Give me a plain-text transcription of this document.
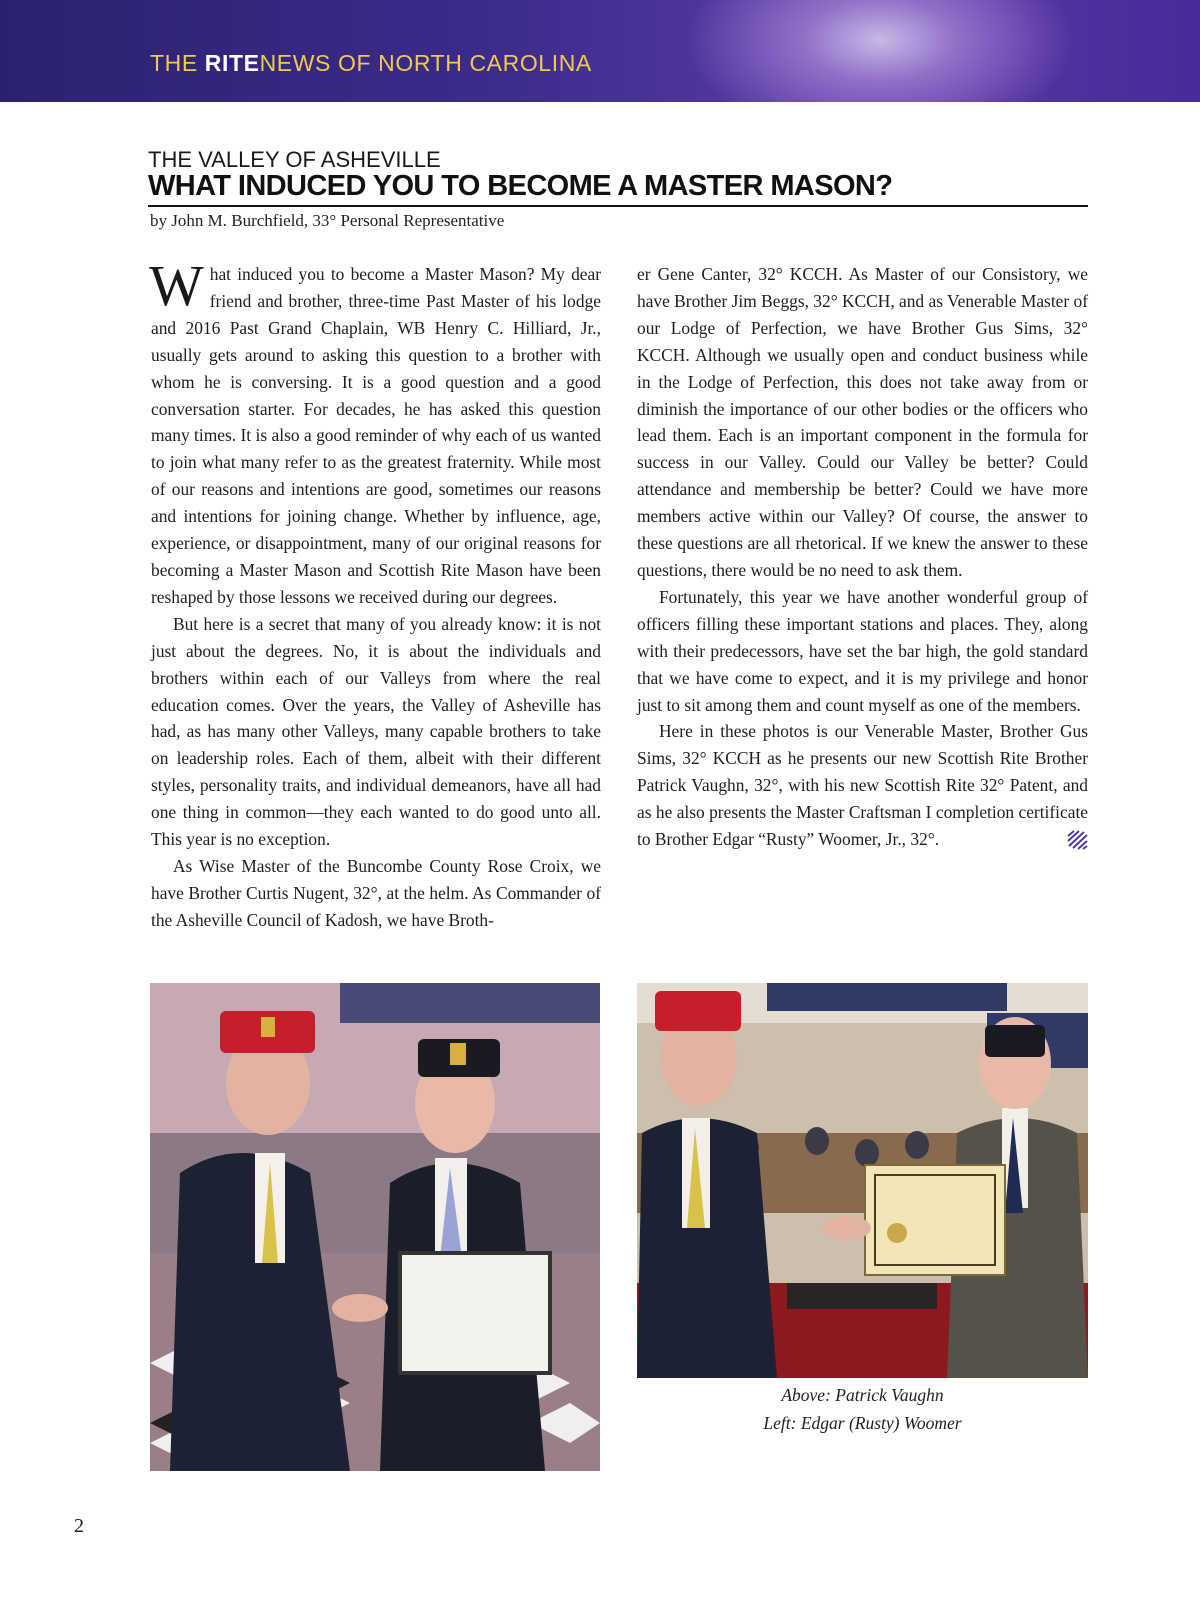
THE RITENEWS OF NORTH CAROLINA
THE VALLEY OF ASHEVILLE
WHAT INDUCED YOU TO BECOME A MASTER MASON?
by John M. Burchfield, 33° Personal Representative

What induced you to become a Master Mason? My dear friend and brother, three-time Past Master of his lodge and 2016 Past Grand Chaplain, WB Henry C. Hilliard, Jr., usually gets around to asking this question to a brother with whom he is conversing. It is a good question and a good conversation starter. For decades, he has asked this question many times. It is also a good reminder of why each of us wanted to join what many refer to as the greatest fraternity. While most of our reasons and intentions are good, sometimes our reasons and intentions for joining change. Whether by influence, age, experience, or disappointment, many of our original reasons for becoming a Master Mason and Scottish Rite Mason have been reshaped by those lessons we received during our degrees.

But here is a secret that many of you already know: it is not just about the degrees. No, it is about the individuals and brothers within each of our Valleys from where the real education comes. Over the years, the Valley of Asheville has had, as has many other Valleys, many capable brothers to take on leadership roles. Each of them, albeit with their different styles, personality traits, and individual demeanors, have all had one thing in common—they each wanted to do good unto all. This year is no exception.

As Wise Master of the Buncombe County Rose Croix, we have Brother Curtis Nugent, 32°, at the helm. As Commander of the Asheville Council of Kadosh, we have Broth-

er Gene Canter, 32° KCCH. As Master of our Consistory, we have Brother Jim Beggs, 32° KCCH, and as Venerable Master of our Lodge of Perfection, we have Brother Gus Sims, 32° KCCH. Although we usually open and conduct business while in the Lodge of Perfection, this does not take away from or diminish the importance of our other bodies or the officers who lead them. Each is an important component in the formula for success in our Valley. Could our Valley be better? Could attendance and membership be better? Could we have more members active within our Valley? Of course, the answer to these questions are all rhetorical. If we knew the answer to these questions, there would be no need to ask them.

Fortunately, this year we have another wonderful group of officers filling these important stations and places. They, along with their predecessors, have set the bar high, the gold standard that we have come to expect, and it is my privilege and honor just to sit among them and count myself as one of the members.

Here in these photos is our Venerable Master, Brother Gus Sims, 32° KCCH as he presents our new Scottish Rite Brother Patrick Vaughn, 32°, with his new Scottish Rite 32° Patent, and as he also presents the Master Craftsman I completion certificate to Brother Edgar “Rusty” Woomer, Jr., 32°.

Above: Patrick Vaughn
Left: Edgar (Rusty) Woomer
2
